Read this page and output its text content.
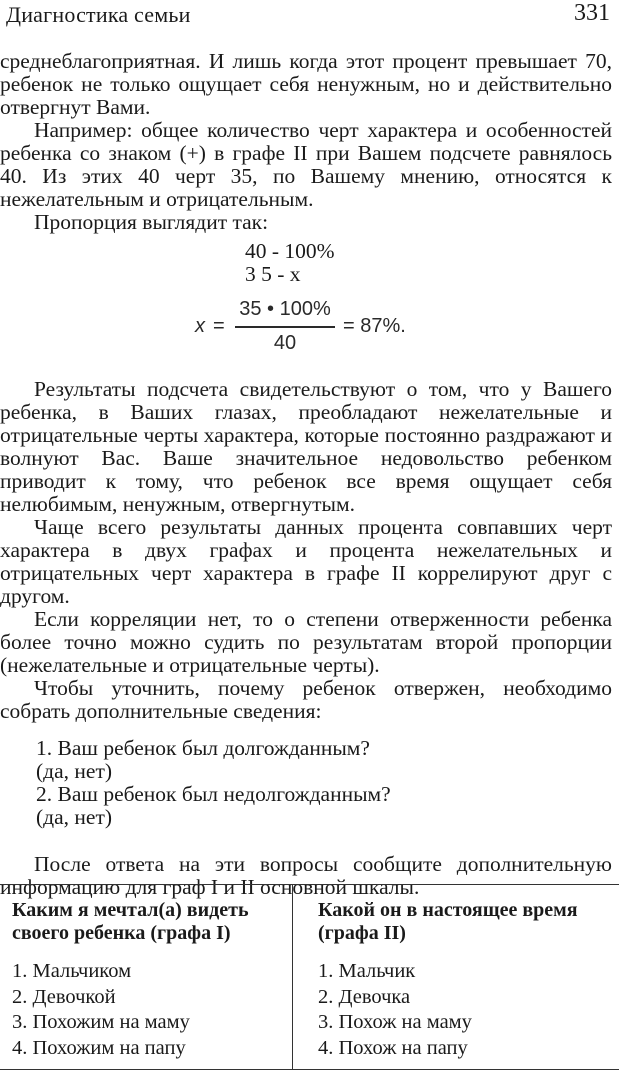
Диагностика семьи	331

среднеблагоприятная. И лишь когда этот процент превышает 70, ребенок не только ощущает себя ненужным, но и действительно отвергнут Вами.

Например: общее количество черт характера и особенностей ребенка со знаком (+) в графе II при Вашем подсчете равнялось 40. Из этих 40 черт 35, по Вашему мнению, относятся к нежелательным и отрицательным.

Пропорция выглядит так:

40 - 100%
3 5 - х
x =
35 • 100%
40
= 87%.

Результаты подсчета свидетельствуют о том, что у Вашего ребенка, в Ваших глазах, преобладают нежелательные и отрицательные черты характера, которые постоянно раздражают и волнуют Вас. Ваше значительное недовольство ребенком приводит к тому, что ребенок все время ощущает себя нелюбимым, ненужным, отвергнутым.

Чаще всего результаты данных процента совпавших черт характера в двух графах и процента нежелательных и отрицательных черт характера в графе II коррелируют друг с другом.

Если корреляции нет, то о степени отверженности ребенка более точно можно судить по результатам второй пропорции (нежелательные и отрицательные черты).

Чтобы уточнить, почему ребенок отвержен, необходимо собрать дополнительные сведения:

1. Ваш ребенок был долгожданным?

(да, нет)

2. Ваш ребенок был недолгожданным?

(да, нет)

После ответа на эти вопросы сообщите дополнительную информацию для граф I и II основной шкалы.

Каким я мечтал(а) видеть своего ребенка (графа I)

1. Мальчиком

2. Девочкой

3. Похожим на маму

4. Похожим на папу

Какой он в настоящее время (графа II)

1. Мальчик

2. Девочка

3. Похож на маму

4. Похож на папу
